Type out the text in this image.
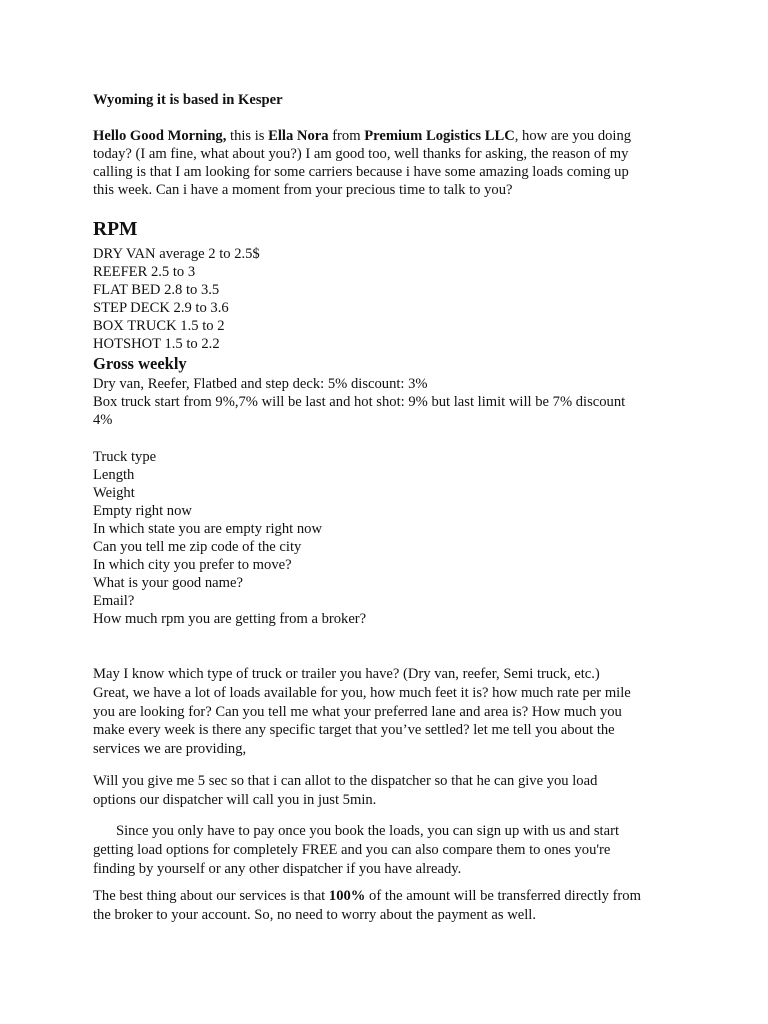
Wyoming it is based in Kesper

Hello Good Morning, this is Ella Nora from Premium Logistics LLC, how are you doing
today? (I am fine, what about you?) I am good too, well thanks for asking, the reason of my
calling is that I am looking for some carriers because i have some amazing loads coming up
this week. Can i have a moment from your precious time to talk to you?

RPM
DRY VAN average 2 to 2.5$
REEFER 2.5 to 3
FLAT BED 2.8 to 3.5
STEP DECK 2.9 to 3.6
BOX TRUCK 1.5 to 2
HOTSHOT 1.5 to 2.2
Gross weekly
Dry van, Reefer, Flatbed and step deck: 5% discount: 3%
Box truck start from 9%,7% will be last and hot shot: 9% but last limit will be 7% discount
4%
Truck type
Length
Weight
Empty right now
In which state you are empty right now
Can you tell me zip code of the city
In which city you prefer to move?
What is your good name?
Email?
How much rpm you are getting from a broker?
May I know which type of truck or trailer you have? (Dry van, reefer, Semi truck, etc.)
Great, we have a lot of loads available for you, how much feet it is? how much rate per mile
you are looking for? Can you tell me what your preferred lane and area is? How much you
make every week is there any specific target that you’ve settled? let me tell you about the
services we are providing,
Will you give me 5 sec so that i can allot to the dispatcher so that he can give you load
options our dispatcher will call you in just 5min.
Since you only have to pay once you book the loads, you can sign up with us and start
getting load options for completely FREE and you can also compare them to ones you're
finding by yourself or any other dispatcher if you have already.
The best thing about our services is that 100% of the amount will be transferred directly from
the broker to your account. So, no need to worry about the payment as well.
